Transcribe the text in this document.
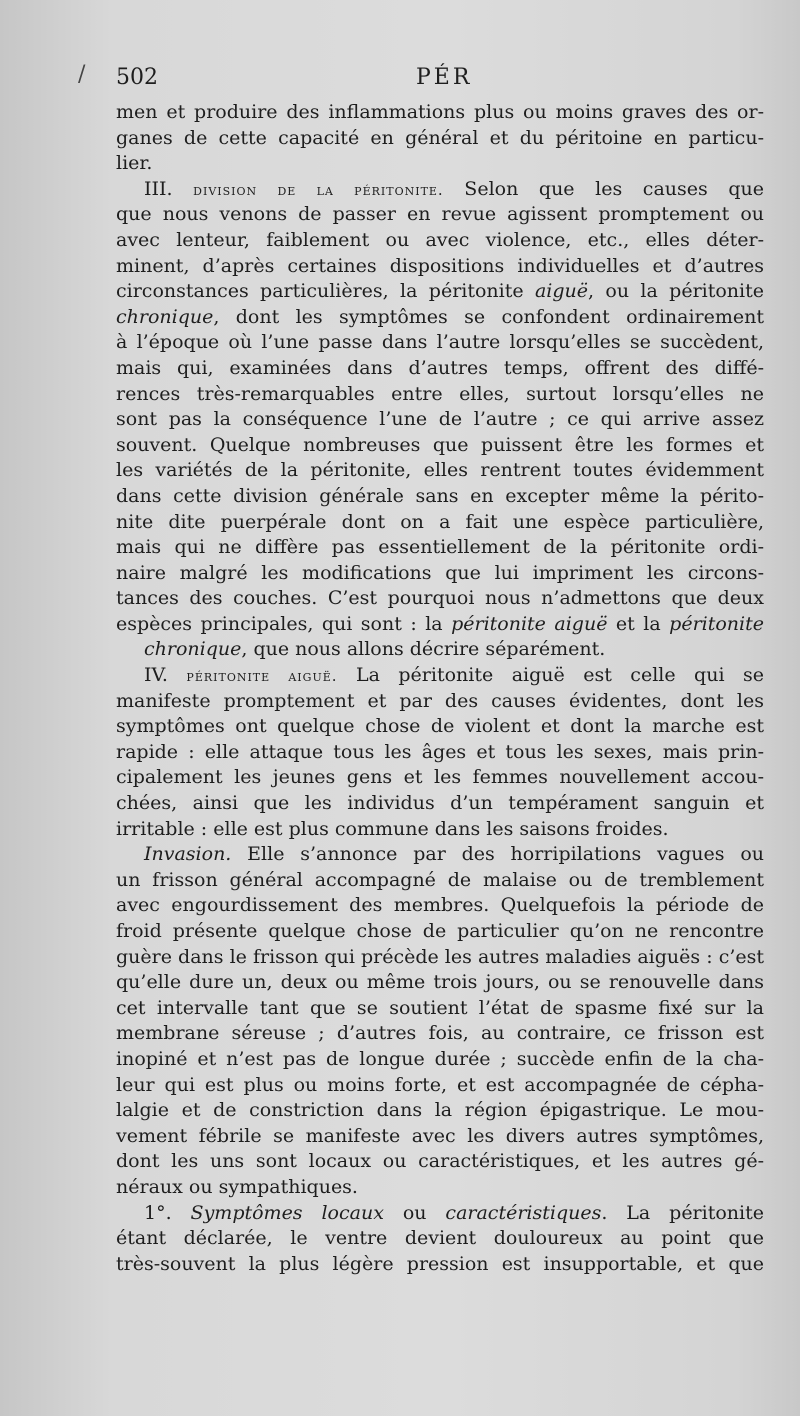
/ 502	PÉR
men et produire des inflammations plus ou moins graves des or-
ganes de cette capacité en général et du péritoine en particu-
lier.
III. division de la péritonite. Selon que les causes que
que nous venons de passer en revue agissent promptement ou
avec lenteur, faiblement ou avec violence, etc., elles déter-
minent, d’après certaines dispositions individuelles et d’autres
circonstances particulières, la péritonite aiguë, ou la péritonite
chronique, dont les symptômes se confondent ordinairement
à l’époque où l’une passe dans l’autre lorsqu’elles se succèdent,
mais qui, examinées dans d’autres temps, offrent des diffé-
rences très-remarquables entre elles, surtout lorsqu’elles ne
sont pas la conséquence l’une de l’autre ; ce qui arrive assez
souvent. Quelque nombreuses que puissent être les formes et
les variétés de la péritonite, elles rentrent toutes évidemment
dans cette division générale sans en excepter même la périto-
nite dite puerpérale dont on a fait une espèce particulière,
mais qui ne diffère pas essentiellement de la péritonite ordi-
naire malgré les modifications que lui impriment les circons-
tances des couches. C’est pourquoi nous n’admettons que deux
espèces principales, qui sont : la péritonite aiguë et la péritonite
chronique, que nous allons décrire séparément.
IV. péritonite aiguë. La péritonite aiguë est celle qui se
manifeste promptement et par des causes évidentes, dont les
symptômes ont quelque chose de violent et dont la marche est
rapide : elle attaque tous les âges et tous les sexes, mais prin-
cipalement les jeunes gens et les femmes nouvellement accou-
chées, ainsi que les individus d’un tempérament sanguin et
irritable : elle est plus commune dans les saisons froides.
Invasion. Elle s’annonce par des horripilations vagues ou
un frisson général accompagné de malaise ou de tremblement
avec engourdissement des membres. Quelquefois la période de
froid présente quelque chose de particulier qu’on ne rencontre
guère dans le frisson qui précède les autres maladies aiguës : c’est
qu’elle dure un, deux ou même trois jours, ou se renouvelle dans
cet intervalle tant que se soutient l’état de spasme fixé sur la
membrane séreuse ; d’autres fois, au contraire, ce frisson est
inopiné et n’est pas de longue durée ; succède enfin de la cha-
leur qui est plus ou moins forte, et est accompagnée de cépha-
lalgie et de constriction dans la région épigastrique. Le mou-
vement fébrile se manifeste avec les divers autres symptômes,
dont les uns sont locaux ou caractéristiques, et les autres gé-
néraux ou sympathiques.
1°. Symptômes locaux ou caractéristiques. La péritonite
étant déclarée, le ventre devient douloureux au point que
très-souvent la plus légère pression est insupportable, et que
